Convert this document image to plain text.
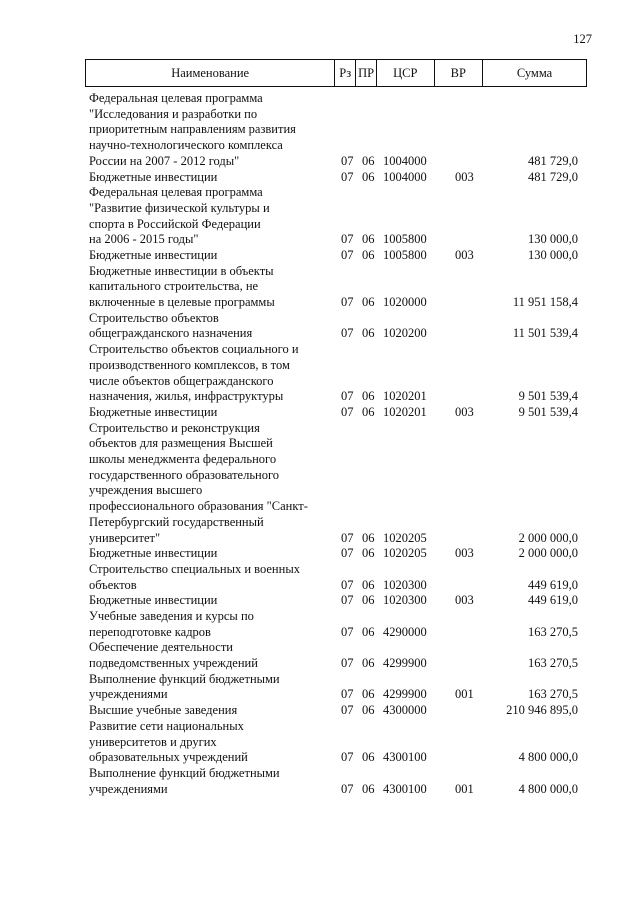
127
Наименование	Рз	ПР	ЦСР	ВР	Сумма
Федеральная целевая программа
"Исследования и разработки по
приоритетным направлениям развития
научно-технологического комплекса
России на 2007 - 2012 годы"	07 06 1004000	481 729,0
Бюджетные инвестиции	07 06 1004000 003	481 729,0
Федеральная целевая программа
"Развитие физической культуры и
спорта в Российской Федерации
на 2006 - 2015 годы"	07 06 1005800	130 000,0
Бюджетные инвестиции	07 06 1005800 003	130 000,0
Бюджетные инвестиции в объекты
капитального строительства, не
включенные в целевые программы	07 06 1020000	11 951 158,4
Строительство объектов
общегражданского назначения	07 06 1020200	11 501 539,4
Строительство объектов социального и
производственного комплексов, в том
числе объектов общегражданского
назначения, жилья, инфраструктуры	07 06 1020201	9 501 539,4
Бюджетные инвестиции	07 06 1020201 003	9 501 539,4
Строительство и реконструкция
объектов для размещения Высшей
школы менеджмента федерального
государственного образовательного
учреждения высшего
профессионального образования "Санкт-
Петербургский государственный
университет"	07 06 1020205	2 000 000,0
Бюджетные инвестиции	07 06 1020205 003	2 000 000,0
Строительство специальных и военных
объектов	07 06 1020300	449 619,0
Бюджетные инвестиции	07 06 1020300 003	449 619,0
Учебные заведения и курсы по
переподготовке кадров	07 06 4290000	163 270,5
Обеспечение деятельности
подведомственных учреждений	07 06 4299900	163 270,5
Выполнение функций бюджетными
учреждениями	07 06 4299900 001	163 270,5
Высшие учебные заведения	07 06 4300000	210 946 895,0
Развитие сети национальных
университетов и других
образовательных учреждений	07 06 4300100	4 800 000,0
Выполнение функций бюджетными
учреждениями	07 06 4300100 001	4 800 000,0
